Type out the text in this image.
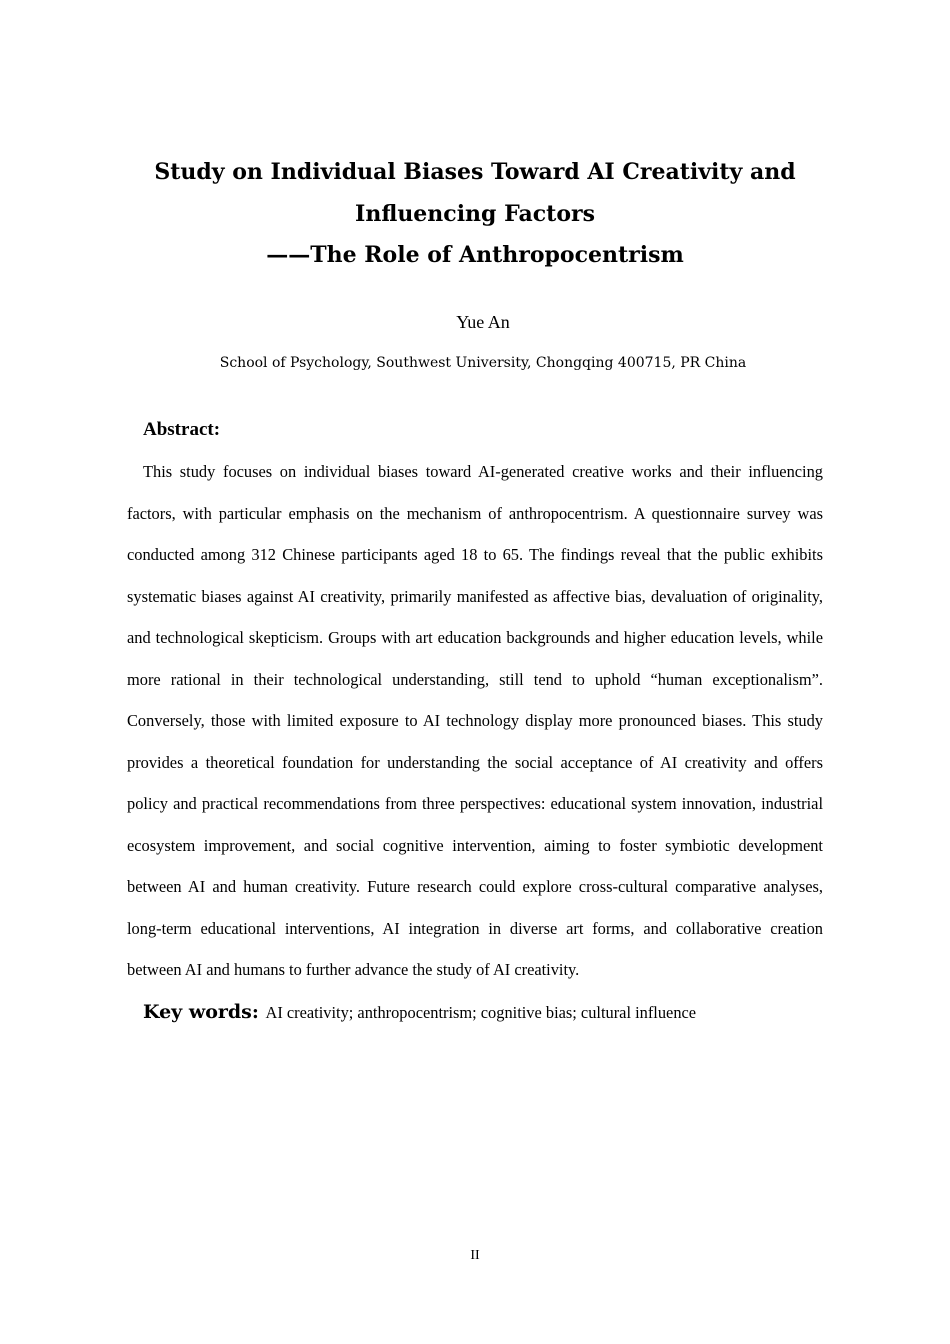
Study on Individual Biases Toward AI Creativity and
Influencing Factors
——The Role of Anthropocentrism
Yue An
School of Psychology, Southwest University, Chongqing 400715, PR China
Abstract:

This study focuses on individual biases toward AI-generated creative works and their influencing factors, with particular emphasis on the mechanism of anthropocentrism. A questionnaire survey was conducted among 312 Chinese participants aged 18 to 65. The findings reveal that the public exhibits systematic biases against AI creativity, primarily manifested as affective bias, devaluation of originality, and technological skepticism. Groups with art education backgrounds and higher education levels, while more rational in their technological understanding, still tend to uphold “human exceptionalism”. Conversely, those with limited exposure to AI technology display more pronounced biases. This study provides a theoretical foundation for understanding the social acceptance of AI creativity and offers policy and practical recommendations from three perspectives: educational system innovation, industrial ecosystem improvement, and social cognitive intervention, aiming to foster symbiotic development between AI and human creativity. Future research could explore cross-cultural comparative analyses, long-term educational interventions, AI integration in diverse art forms, and collaborative creation between AI and humans to further advance the study of AI creativity.

Key words: AI creativity; anthropocentrism; cognitive bias; cultural influence
II
